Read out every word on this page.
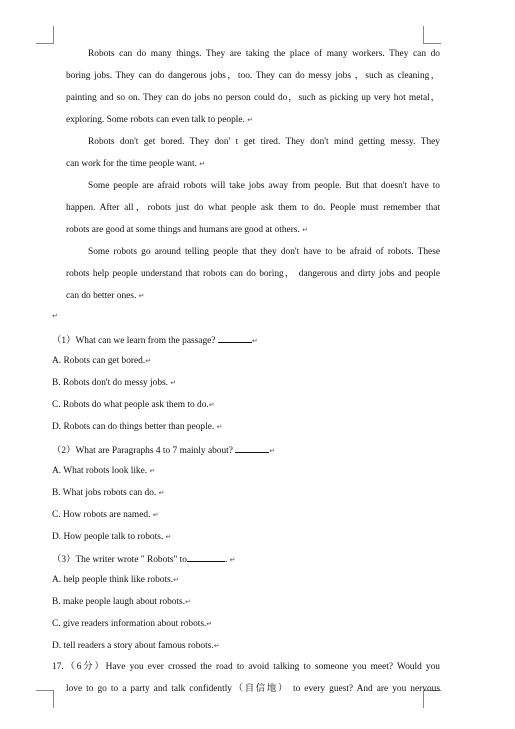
Robots can do many things. They are taking the place of many workers. They can do
boring jobs. They can do dangerous jobs，too. They can do messy jobs ，such as cleaning，
painting and so on. They can do jobs no person could do，such as picking up very hot metal，
exploring. Some robots can even talk to people. ↵
Robots don't get bored. They don' t get tired. They don't mind getting messy. They
can work for the time people want. ↵
Some people are afraid robots will take jobs away from people. But that doesn't have to
happen. After all，robots just do what people ask them to do. People must remember that
robots are good at some things and humans are good at others. ↵
Some robots go around telling people that they don't have to be afraid of robots. These
robots help people understand that robots can do boring， dangerous and dirty jobs and people
can do better ones. ↵
↵
（1）What can we learn from the passage?	↵
A. Robots can get bored.↵
B. Robots don't do messy jobs. ↵
C. Robots do what people ask them to do.↵
D. Robots can do things better than people. ↵
（2）What are Paragraphs 4 to 7 mainly about?	↵
A. What robots look like. ↵
B. What jobs robots can do. ↵
C. How robots are named. ↵
D. How people talk to robots. ↵
（3）The writer wrote " Robots" to	. ↵
A. help people think like robots.↵
B. make people laugh about robots.↵
C. give readers information about robots.↵
D. tell readers a story about famous robots.↵
17.（6分）Have you ever crossed the road to avoid talking to someone you meet? Would you
love to go to a party and talk confidently（自信地） to every guest? And are you nervous
